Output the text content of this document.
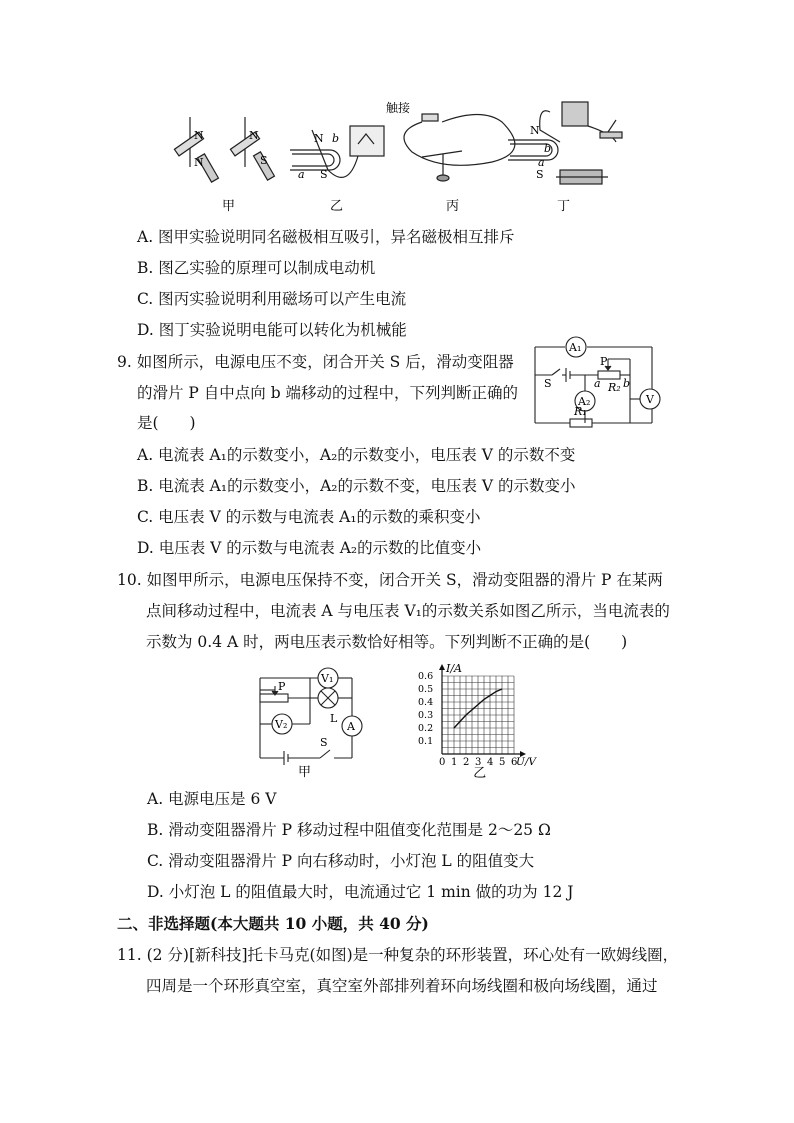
N
N
N
S
N b
a S
触接
N
b
a
S
甲	乙	丙	丁
A. 图甲实验说明同名磁极相互吸引，异名磁极相互排斥
B. 图乙实验的原理可以制成电动机
C. 图丙实验说明利用磁场可以产生电流
D. 图丁实验说明电能可以转化为机械能
9. 如图所示，电源电压不变，闭合开关 S 后，滑动变阻器
的滑片 P 自中点向 b 端移动的过程中，下列判断正确的
是(　　)
A₁
A₂	V
S
P
a b
R₂
R₁
A. 电流表 A₁的示数变小，A₂的示数变小，电压表 V 的示数不变
B. 电流表 A₁的示数变小，A₂的示数不变，电压表 V 的示数变小
C. 电压表 V 的示数与电流表 A₁的示数的乘积变小
D. 电压表 V 的示数与电流表 A₂的示数的比值变小
10. 如图甲所示，电源电压保持不变，闭合开关 S，滑动变阻器的滑片 P 在某两
点间移动过程中，电流表 A 与电压表 V₁的示数关系如图乙所示，当电流表的
示数为 0.4 A 时，两电压表示数恰好相等。下列判断不正确的是(　　)
V₁
V₂	A
P
L
S
甲
0 1 2 3 4 5 6
0.1
0.2
0.3
0.4
0.5
0.6
I/A
U/V
乙
A. 电源电压是 6 V
B. 滑动变阻器滑片 P 移动过程中阻值变化范围是 2～25 Ω
C. 滑动变阻器滑片 P 向右移动时，小灯泡 L 的阻值变大
D. 小灯泡 L 的阻值最大时，电流通过它 1 min 做的功为 12 J
二、非选择题(本大题共 10 小题，共 40 分)
11. (2 分)[新科技]托卡马克(如图)是一种复杂的环形装置，环心处有一欧姆线圈，
四周是一个环形真空室，真空室外部排列着环向场线圈和极向场线圈，通过
